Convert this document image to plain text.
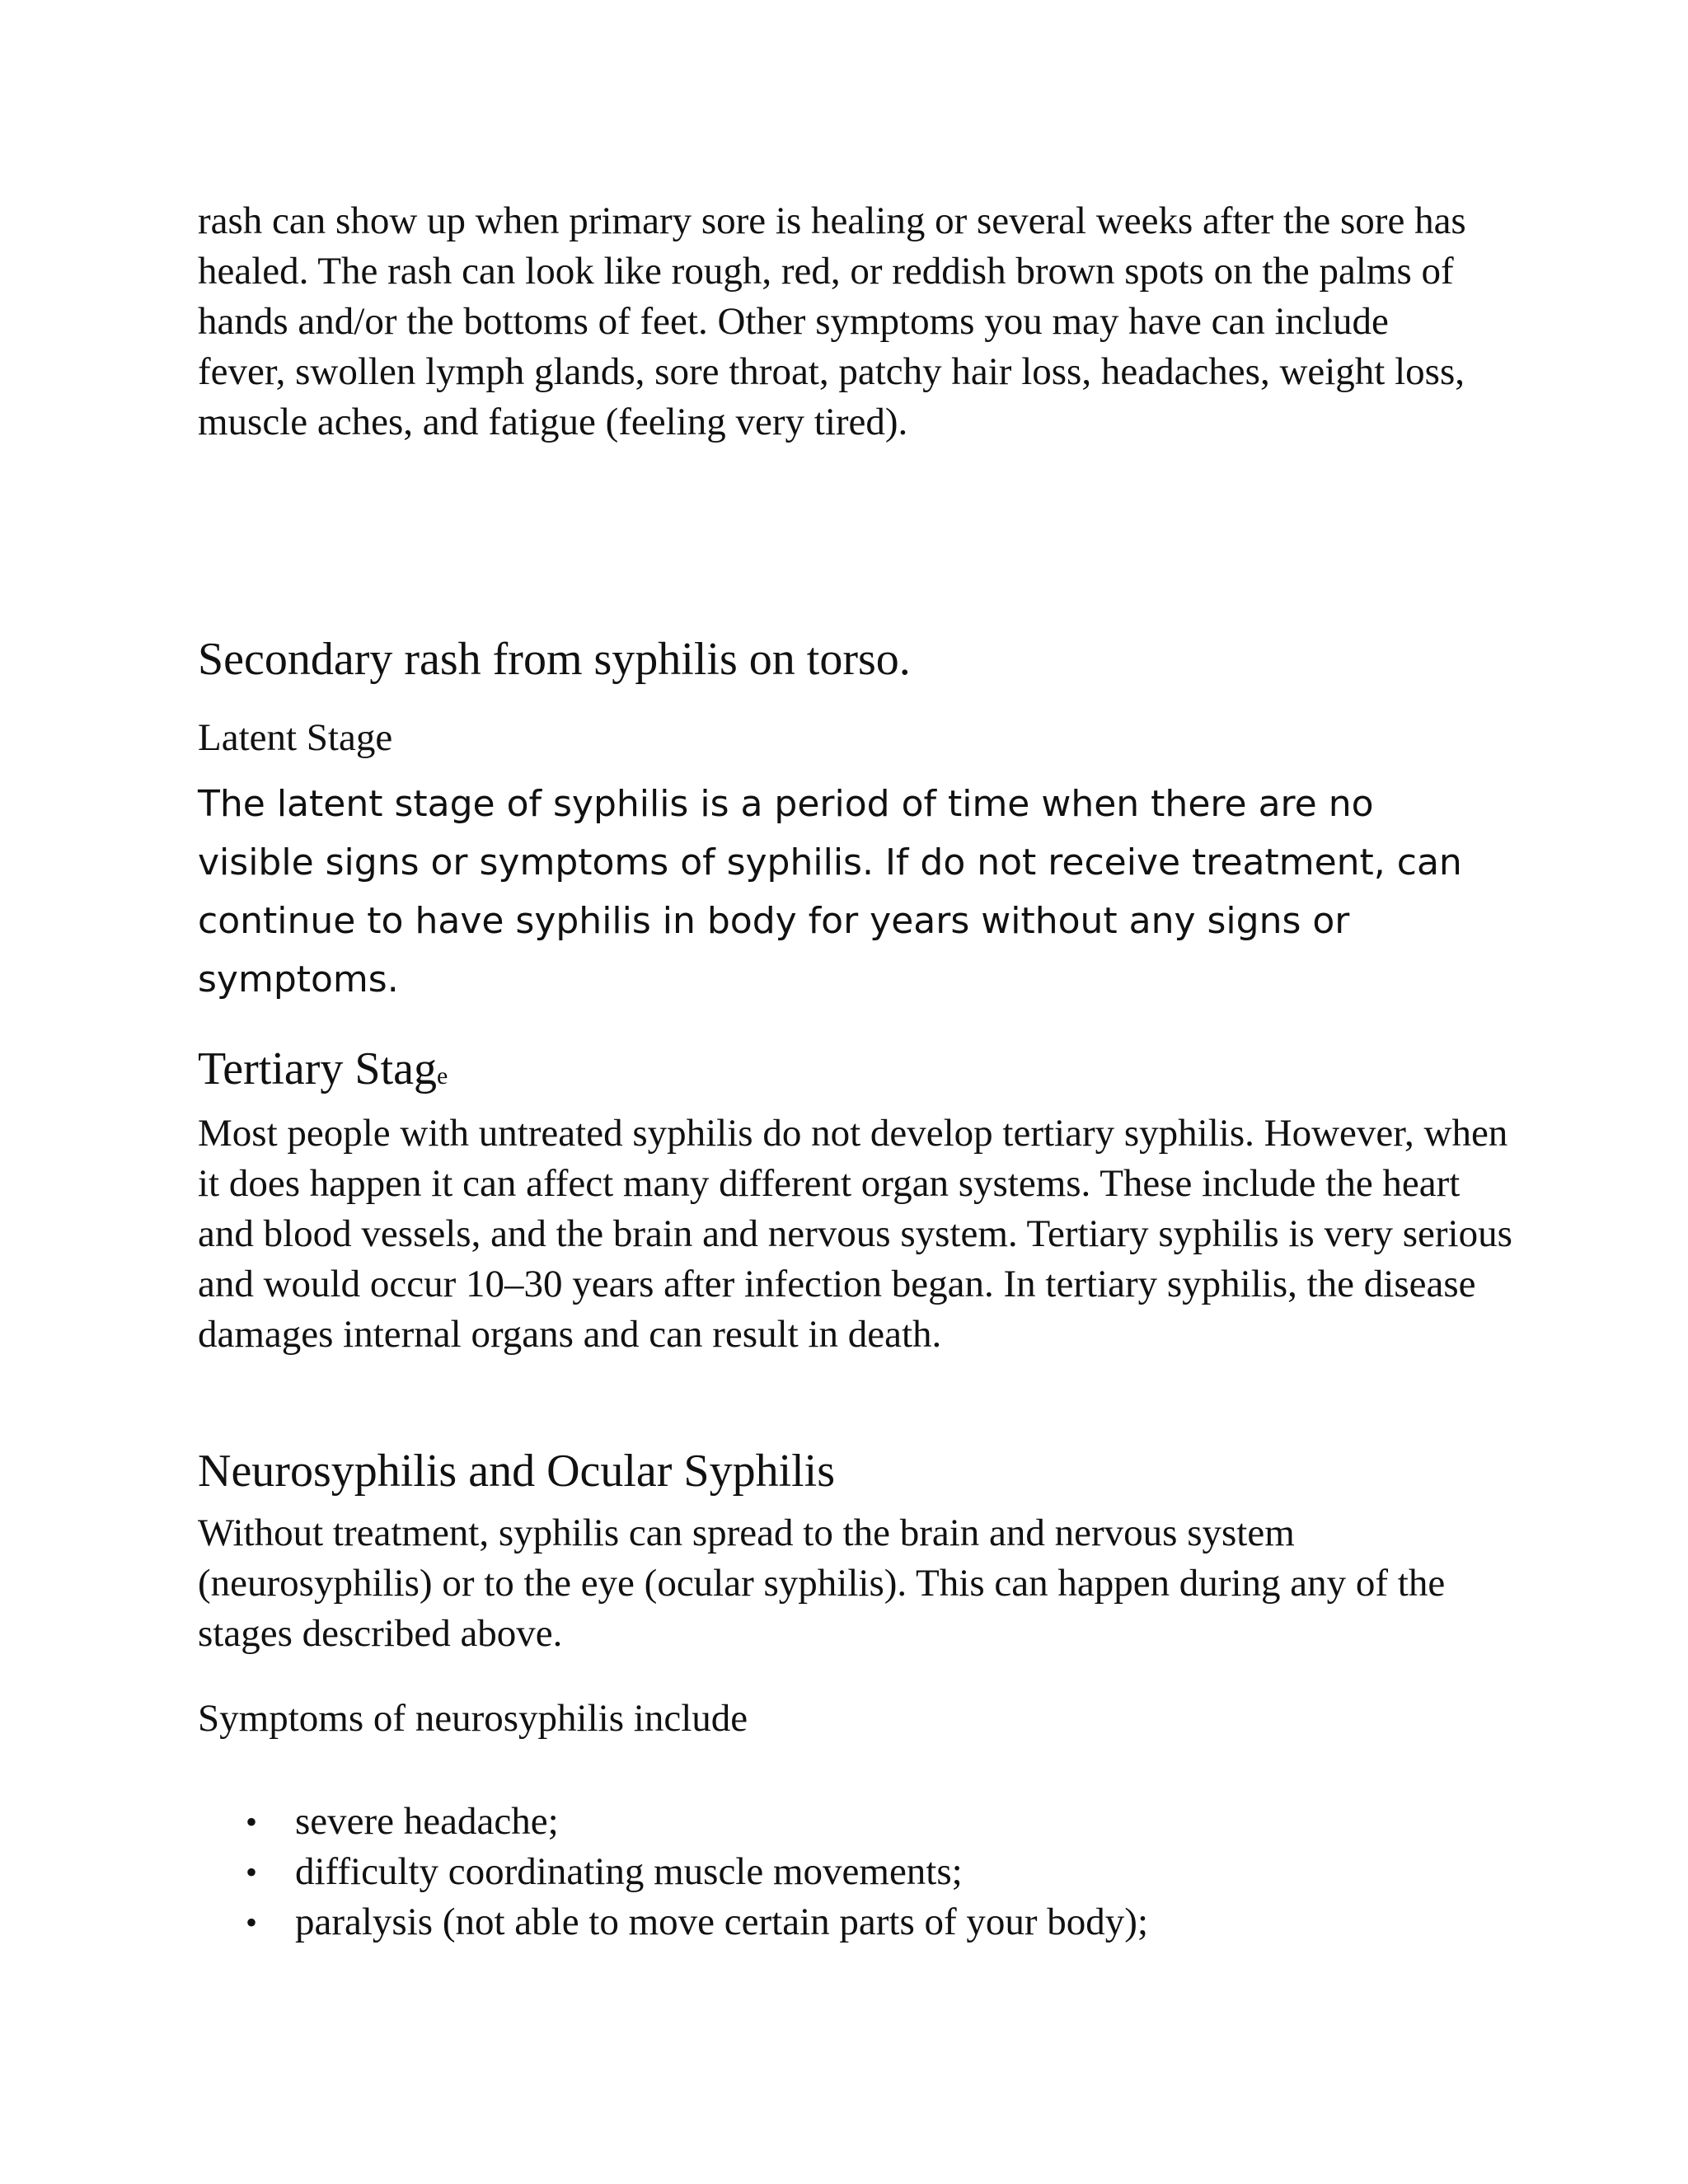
rash can show up when primary sore is healing or several weeks after the sore has healed. The rash can look like rough, red, or reddish brown spots on the palms of hands and/or the bottoms of feet. Other symptoms you may have can include fever, swollen lymph glands, sore throat, patchy hair loss, headaches, weight loss, muscle aches, and fatigue (feeling very tired).

Secondary rash from syphilis on torso.

Latent Stage

The latent stage of syphilis is a period of time when there are no visible signs or symptoms of syphilis. If do not receive treatment, can continue to have syphilis in body for years without any signs or symptoms.

Tertiary Stage

Most people with untreated syphilis do not develop tertiary syphilis. However, when it does happen it can affect many different organ systems. These include the heart and blood vessels, and the brain and nervous system. Tertiary syphilis is very serious and would occur 10–30 years after infection began. In tertiary syphilis, the disease damages internal organs and can result in death.

Neurosyphilis and Ocular Syphilis

Without treatment, syphilis can spread to the brain and nervous system (neurosyphilis) or to the eye (ocular syphilis). This can happen during any of the stages described above.

Symptoms of neurosyphilis include

• severe headache;
• difficulty coordinating muscle movements;
• paralysis (not able to move certain parts of your body);
